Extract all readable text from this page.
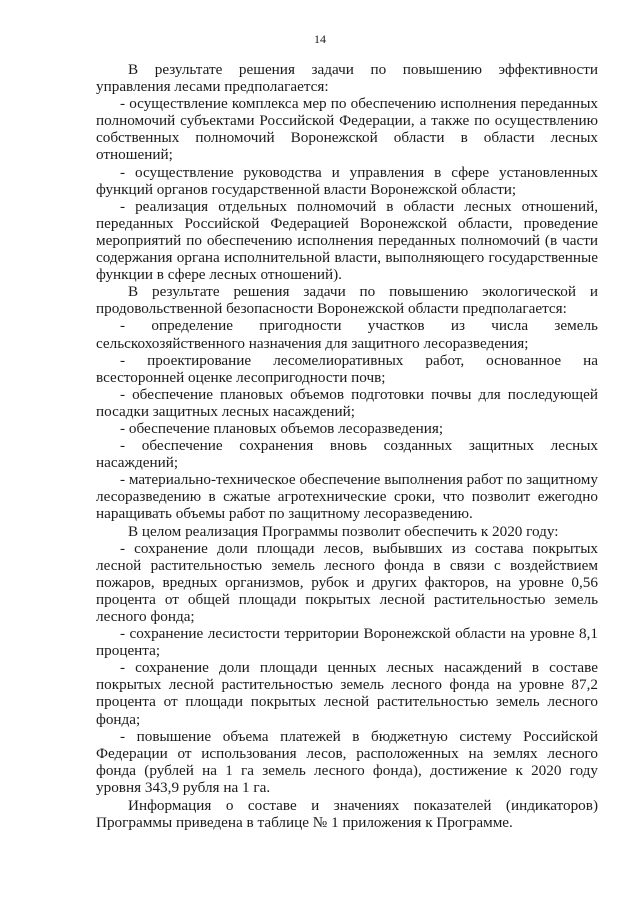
14

В результате решения задачи по повышению эффективности управления лесами предполагается:

- осуществление комплекса мер по обеспечению исполнения переданных полномочий субъектами Российской Федерации, а также по осуществлению собственных полномочий Воронежской области в области лесных отношений;

- осуществление руководства и управления в сфере установленных функций органов государственной власти Воронежской области;

- реализация отдельных полномочий в области лесных отношений, переданных Российской Федерацией Воронежской области, проведение мероприятий по обеспечению исполнения переданных полномочий (в части содержания органа исполнительной власти, выполняющего государственные функции в сфере лесных отношений).

В результате решения задачи по повышению экологической и продовольственной безопасности Воронежской области предполагается:

- определение пригодности участков из числа земель сельскохозяйственного назначения для защитного лесоразведения;

- проектирование лесомелиоративных работ, основанное на всесторонней оценке лесопригодности почв;

- обеспечение плановых объемов подготовки почвы для последующей посадки защитных лесных насаждений;

- обеспечение плановых объемов лесоразведения;

- обеспечение сохранения вновь созданных защитных лесных насаждений;

- материально-техническое обеспечение выполнения работ по защитному лесоразведению в сжатые агротехнические сроки, что позволит ежегодно наращивать объемы работ по защитному лесоразведению.

В целом реализация Программы позволит обеспечить к 2020 году:

- сохранение доли площади лесов, выбывших из состава покрытых лесной растительностью земель лесного фонда в связи с воздействием пожаров, вредных организмов, рубок и других факторов, на уровне 0,56 процента от общей площади покрытых лесной растительностью земель лесного фонда;

- сохранение лесистости территории Воронежской области на уровне 8,1 процента;

- сохранение доли площади ценных лесных насаждений в составе покрытых лесной растительностью земель лесного фонда на уровне 87,2 процента от площади покрытых лесной растительностью земель лесного фонда;

- повышение объема платежей в бюджетную систему Российской Федерации от использования лесов, расположенных на землях лесного фонда (рублей на 1 га земель лесного фонда), достижение к 2020 году уровня 343,9 рубля на 1 га.

Информация о составе и значениях показателей (индикаторов) Программы приведена в таблице № 1 приложения к Программе.
